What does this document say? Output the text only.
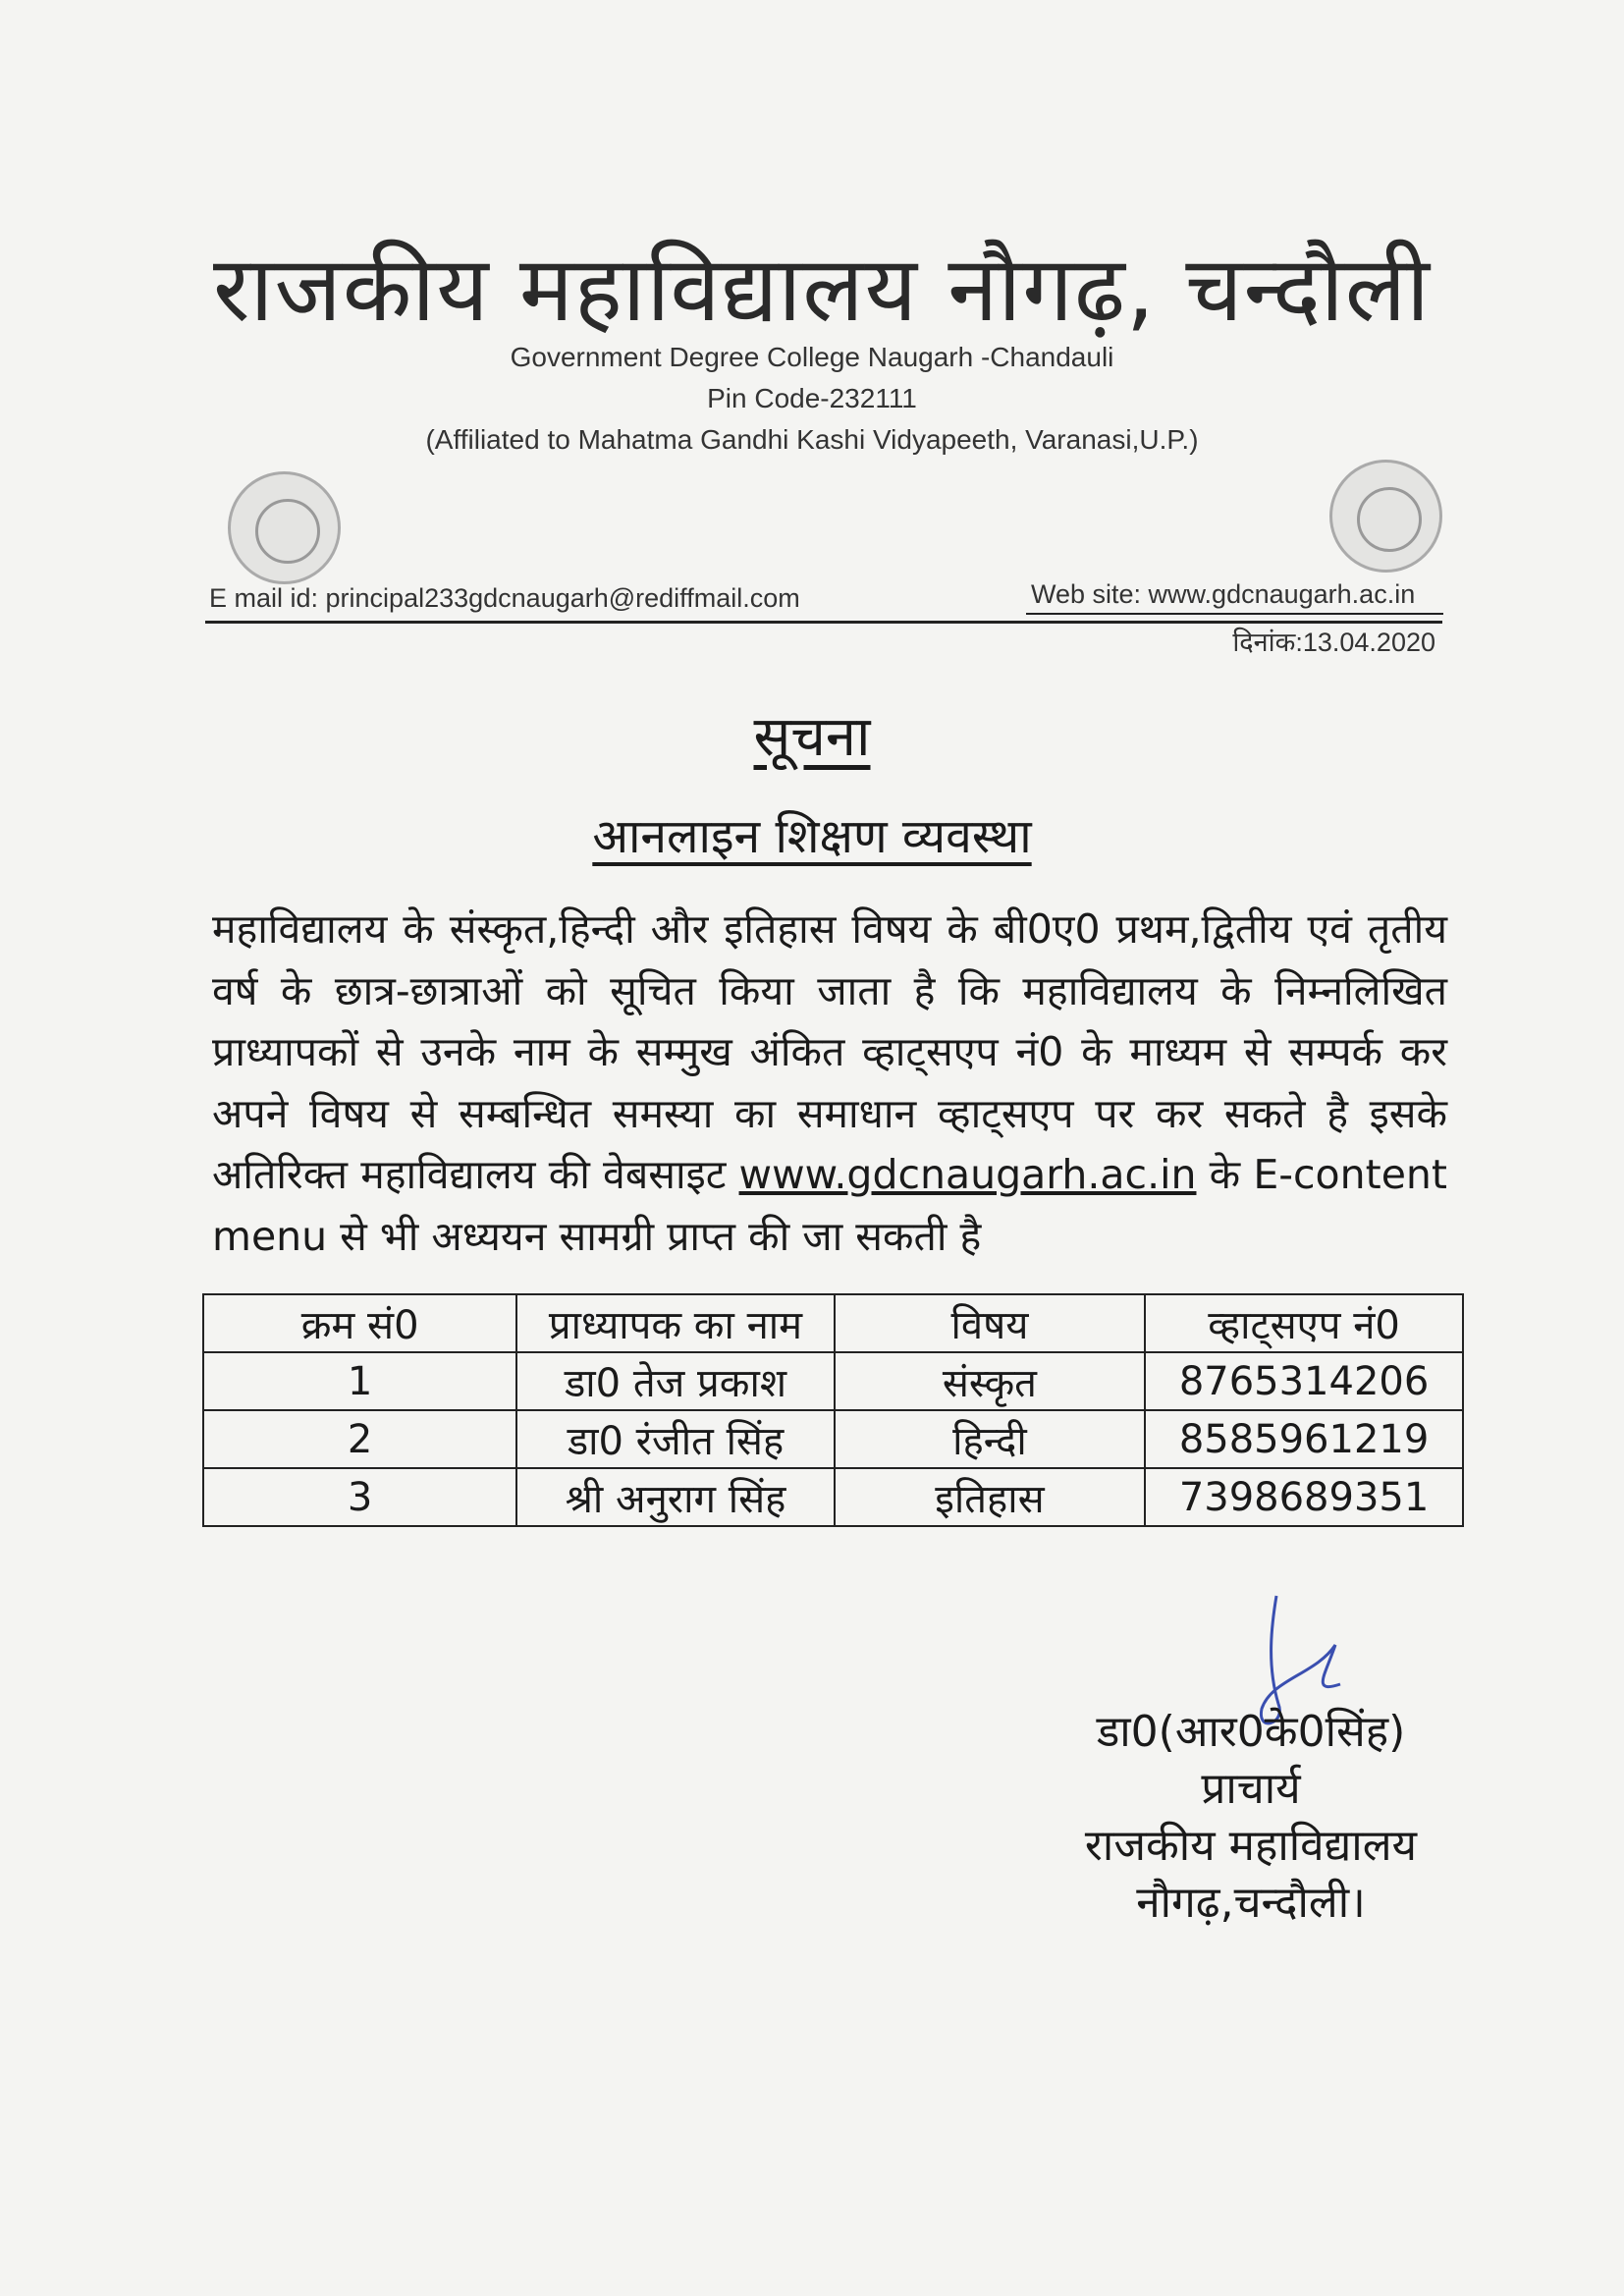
राजकीय महाविद्यालय नौगढ़, चन्दौली
Government Degree College Naugarh -Chandauli
Pin Code-232111
(Affiliated to Mahatma Gandhi Kashi Vidyapeeth, Varanasi,U.P.)
E mail id: principal233gdcnaugarh@rediffmail.com	Web site: www.gdcnaugarh.ac.in
दिनांक:13.04.2020
सूचना
आनलाइन शिक्षण व्यवस्था
महाविद्यालय के संस्कृत,हिन्दी और इतिहास विषय के बी0ए0 प्रथम,द्वितीय एवं तृतीय वर्ष के छात्र-छात्राओं को सूचित किया जाता है कि महाविद्यालय के निम्नलिखित प्राध्यापकों से उनके नाम के सम्मुख अंकित व्हाट्सएप नं0 के माध्यम से सम्पर्क कर अपने विषय से सम्बन्धित समस्या का समाधान व्हाट्सएप पर कर सकते है इसके अतिरिक्त महाविद्यालय की वेबसाइट www.gdcnaugarh.ac.in के E-content menu से भी अध्ययन सामग्री प्राप्त की जा सकती है
क्रम सं0	प्राध्यापक का नाम	विषय	व्हाट्सएप नं0
1	डा0 तेज प्रकाश	संस्कृत	8765314206
2	डा0 रंजीत सिंह	हिन्दी	8585961219
3	श्री अनुराग सिंह	इतिहास	7398689351
डा0(आर0के0सिंह)
प्राचार्य
राजकीय महाविद्यालय
नौगढ़,चन्दौली।
